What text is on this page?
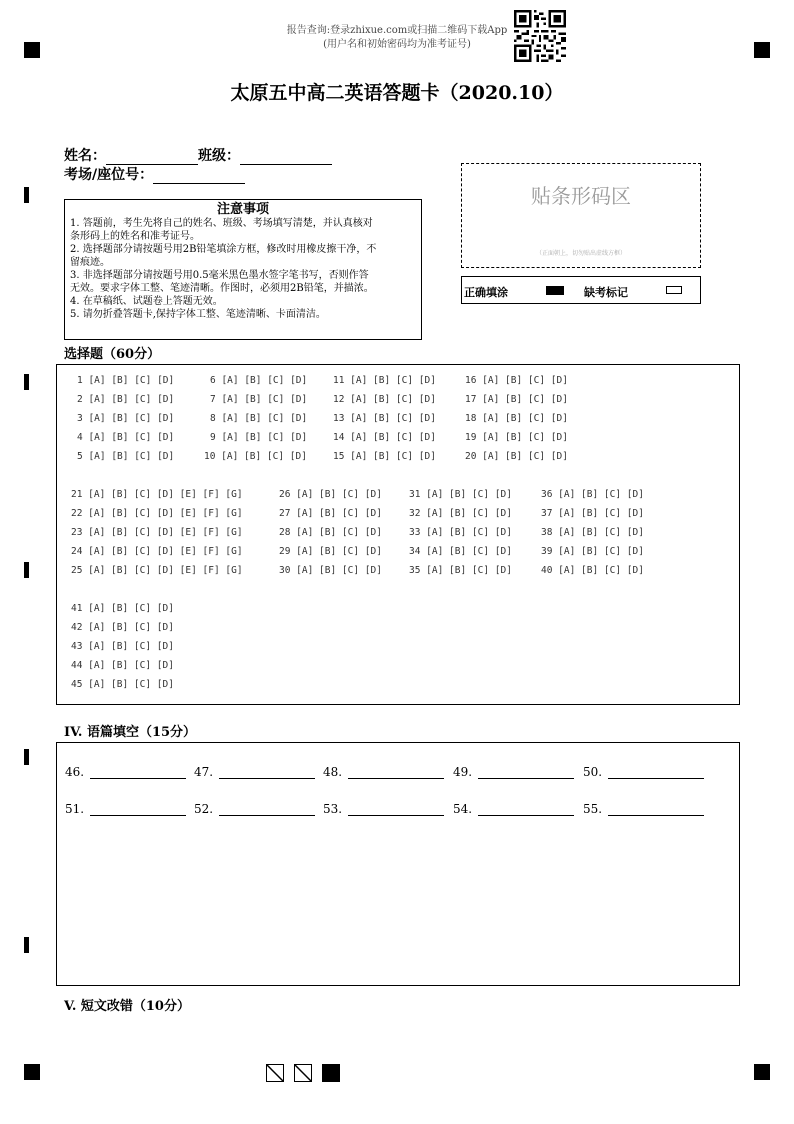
报告查询:登录zhixue.com或扫描二维码下载App
(用户名和初始密码均为准考证号)
太原五中高二英语答题卡（2020.10）
姓名：	班级：
考场/座位号：
注意事项
1. 答题前，考生先将自己的姓名、班级、考场填写清楚，并认真核对
条形码上的姓名和准考证号。
2. 选择题部分请按题号用2B铅笔填涂方框，修改时用橡皮擦干净，不
留痕迹。
3. 非选择题部分请按题号用0.5毫米黑色墨水签字笔书写，否则作答
无效。要求字体工整、笔迹清晰。作图时，必须用2B铅笔，并描浓。
4. 在草稿纸、试题卷上答题无效。
5. 请勿折叠答题卡,保持字体工整、笔迹清晰、卡面清洁。
贴条形码区
（正面朝上，切勿贴出虚线方框）
正确填涂	缺考标记
选择题（60分）
1 [A] [B] [C] [D]	6 [A] [B] [C] [D]	11 [A] [B] [C] [D]	16 [A] [B] [C] [D]
2 [A] [B] [C] [D]	7 [A] [B] [C] [D]	12 [A] [B] [C] [D]	17 [A] [B] [C] [D]
3 [A] [B] [C] [D]	8 [A] [B] [C] [D]	13 [A] [B] [C] [D]	18 [A] [B] [C] [D]
4 [A] [B] [C] [D]	9 [A] [B] [C] [D]	14 [A] [B] [C] [D]	19 [A] [B] [C] [D]
5 [A] [B] [C] [D]	10 [A] [B] [C] [D]	15 [A] [B] [C] [D]	20 [A] [B] [C] [D]
21 [A] [B] [C] [D] [E] [F] [G]	26 [A] [B] [C] [D]	31 [A] [B] [C] [D]	36 [A] [B] [C] [D]
22 [A] [B] [C] [D] [E] [F] [G]	27 [A] [B] [C] [D]	32 [A] [B] [C] [D]	37 [A] [B] [C] [D]
23 [A] [B] [C] [D] [E] [F] [G]	28 [A] [B] [C] [D]	33 [A] [B] [C] [D]	38 [A] [B] [C] [D]
24 [A] [B] [C] [D] [E] [F] [G]	29 [A] [B] [C] [D]	34 [A] [B] [C] [D]	39 [A] [B] [C] [D]
25 [A] [B] [C] [D] [E] [F] [G]	30 [A] [B] [C] [D]	35 [A] [B] [C] [D]	40 [A] [B] [C] [D]
41 [A] [B] [C] [D]
42 [A] [B] [C] [D]
43 [A] [B] [C] [D]
44 [A] [B] [C] [D]
45 [A] [B] [C] [D]
IV. 语篇填空（15分）
46.	47.	48.	49.	50.
51.	52.	53.	54.	55.
V. 短文改错（10分）
